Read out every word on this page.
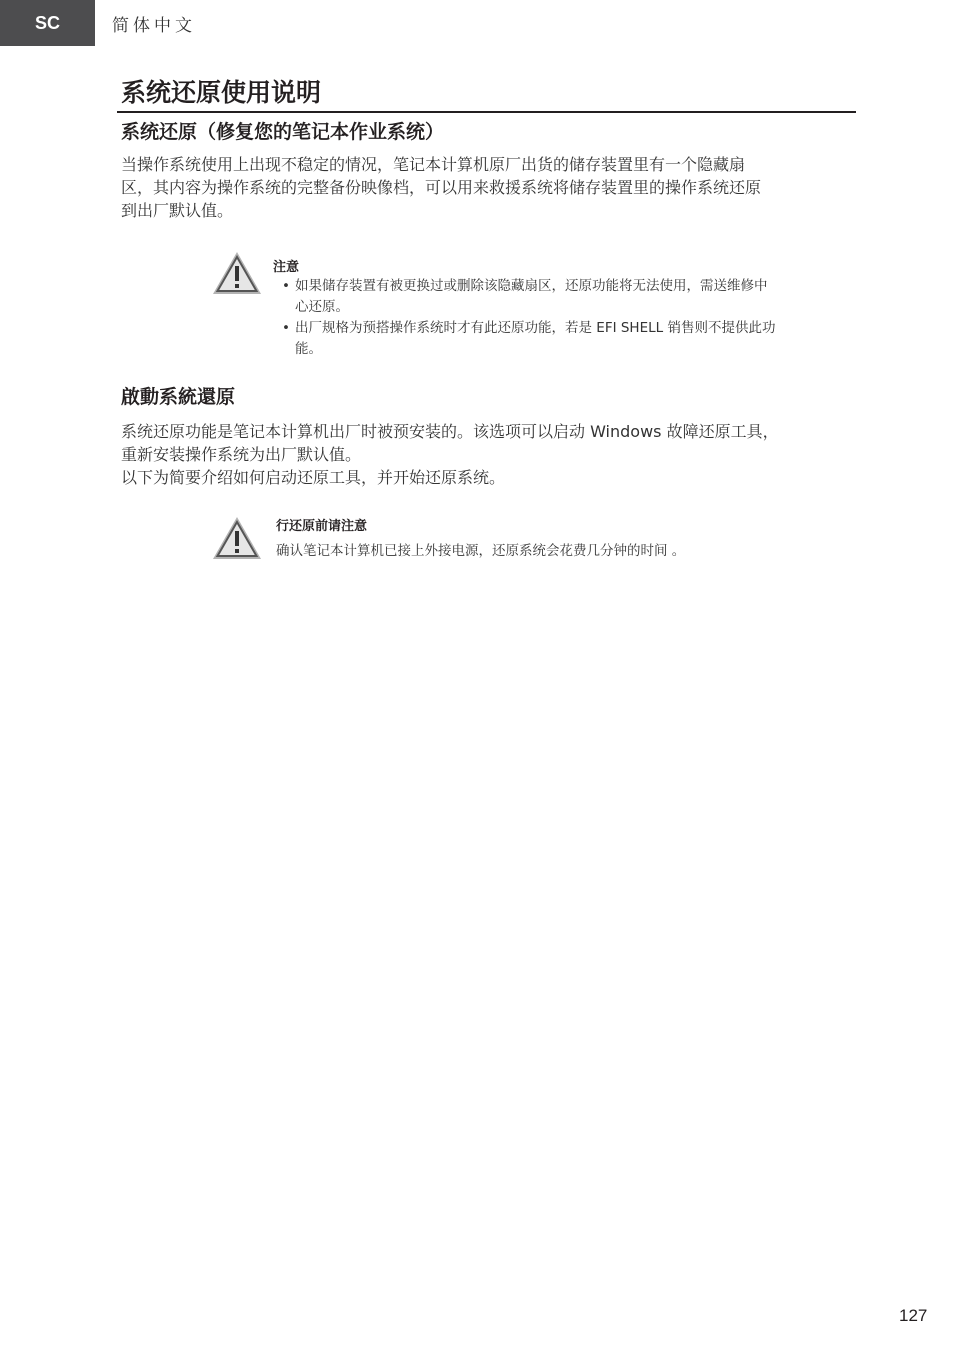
SC	简体中文
系统还原使用说明
系统还原（修复您的笔记本作业系统）
当操作系统使用上出现不稳定的情况，笔记本计算机原厂出货的储存装置里有一个隐藏扇
区，其内容为操作系统的完整备份映像档，可以用来救援系统将储存装置里的操作系统还原
到出厂默认值。
注意
• 如果储存装置有被更换过或删除该隐藏扇区，还原功能将无法使用，需送维修中
心还原。
• 出厂规格为预搭操作系统时才有此还原功能，若是 EFI SHELL 销售则不提供此功
能。
啟動系統還原
系统还原功能是笔记本计算机出厂时被预安装的。该选项可以启动 Windows 故障还原工具，
重新安装操作系统为出厂默认值。
以下为简要介绍如何启动还原工具，并开始还原系统。
行还原前请注意
确认笔记本计算机已接上外接电源，还原系统会花费几分钟的时间 。
127
